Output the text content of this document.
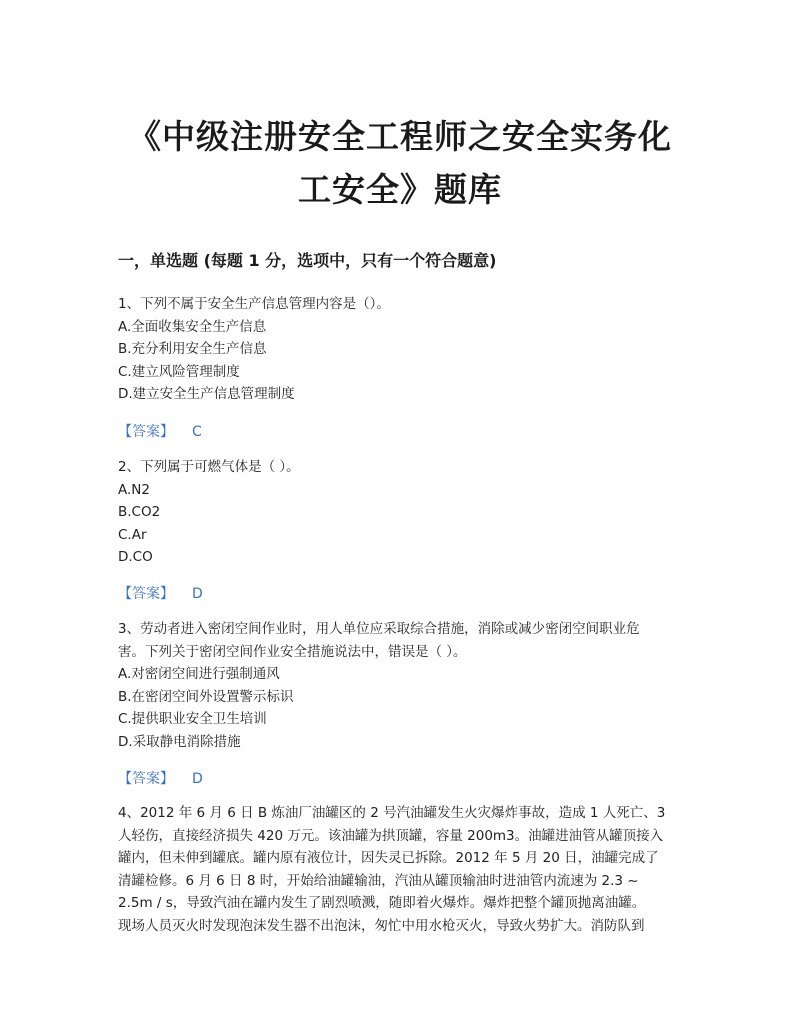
《中级注册安全工程师之安全实务化
工安全》题库
一，单选题 (每题 1 分，选项中，只有一个符合题意)
1、下列不属于安全生产信息管理内容是（）。
A.全面收集安全生产信息
B.充分利用安全生产信息
C.建立风险管理制度
D.建立安全生产信息管理制度
【答案】 C
2、下列属于可燃气体是（ ）。
A.N2
B.CO2
C.Ar
D.CO
【答案】 D
3、劳动者进入密闭空间作业时，用人单位应采取综合措施，消除或减少密闭空间职业危
害。下列关于密闭空间作业安全措施说法中，错误是（ ）。
A.对密闭空间进行强制通风
B.在密闭空间外设置警示标识
C.提供职业安全卫生培训
D.采取静电消除措施
【答案】 D
4、2012 年 6 月 6 日 B 炼油厂油罐区的 2 号汽油罐发生火灾爆炸事故，造成 1 人死亡、3
人轻伤，直接经济损失 420 万元。该油罐为拱顶罐，容量 200m3。油罐进油管从罐顶接入
罐内，但未伸到罐底。罐内原有液位计，因失灵已拆除。2012 年 5 月 20 日，油罐完成了
清罐检修。6 月 6 日 8 时，开始给油罐输油，汽油从罐顶输油时进油管内流速为 2.3 ~
2.5m / s，导致汽油在罐内发生了剧烈喷溅，随即着火爆炸。爆炸把整个罐顶抛离油罐。
现场人员灭火时发现泡沫发生器不出泡沫，匆忙中用水枪灭火，导致火势扩大。消防队到
